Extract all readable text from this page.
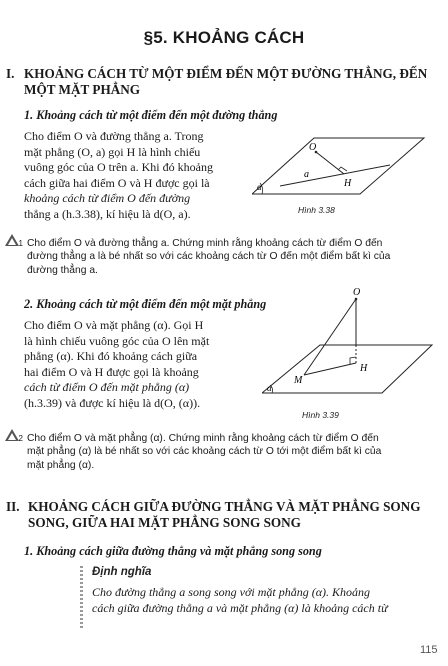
§5. KHOẢNG CÁCH
I. KHOẢNG CÁCH TỪ MỘT ĐIỂM ĐẾN MỘT ĐƯỜNG THẲNG, ĐẾN
MỘT MẶT PHẲNG
1. Khoảng cách từ một điểm đến một đường thẳng
Cho điểm O và đường thẳng a. Trong
mặt phẳng (O, a) gọi H là hình chiếu
vuông góc của O trên a. Khi đó khoảng
cách giữa hai điểm O và H được gọi là
khoảng cách từ điểm O đến đường
thẳng a (h.3.38), kí hiệu là d(O, a).
O
a
H
α
Hình 3.38
1 Cho điểm O và đường thẳng a. Chứng minh rằng khoảng cách từ điểm O đến
đường thẳng a là bé nhất so với các khoảng cách từ O đến một điểm bất kì của
đường thẳng a.
2. Khoảng cách từ một điểm đến một mặt phẳng
Cho điểm O và mặt phẳng (α). Gọi H
là hình chiếu vuông góc của O lên mặt
phẳng (α). Khi đó khoảng cách giữa
hai điểm O và H được gọi là khoảng
cách từ điểm O đến mặt phẳng (α)
(h.3.39) và được kí hiệu là d(O, (α)).
O
H
M
α
Hình 3.39
2 Cho điểm O và mặt phẳng (α). Chứng minh rằng khoảng cách từ điểm O đến
mặt phẳng (α) là bé nhất so với các khoảng cách từ O tới một điểm bất kì của
mặt phẳng (α).
II. KHOẢNG CÁCH GIỮA ĐƯỜNG THẲNG VÀ MẶT PHẲNG SONG
SONG, GIỮA HAI MẶT PHẲNG SONG SONG
1. Khoảng cách giữa đường thẳng và mặt phẳng song song
Định nghĩa
Cho đường thẳng a song song với mặt phẳng (α). Khoảng
cách giữa đường thẳng a và mặt phẳng (α) là khoảng cách từ
115
